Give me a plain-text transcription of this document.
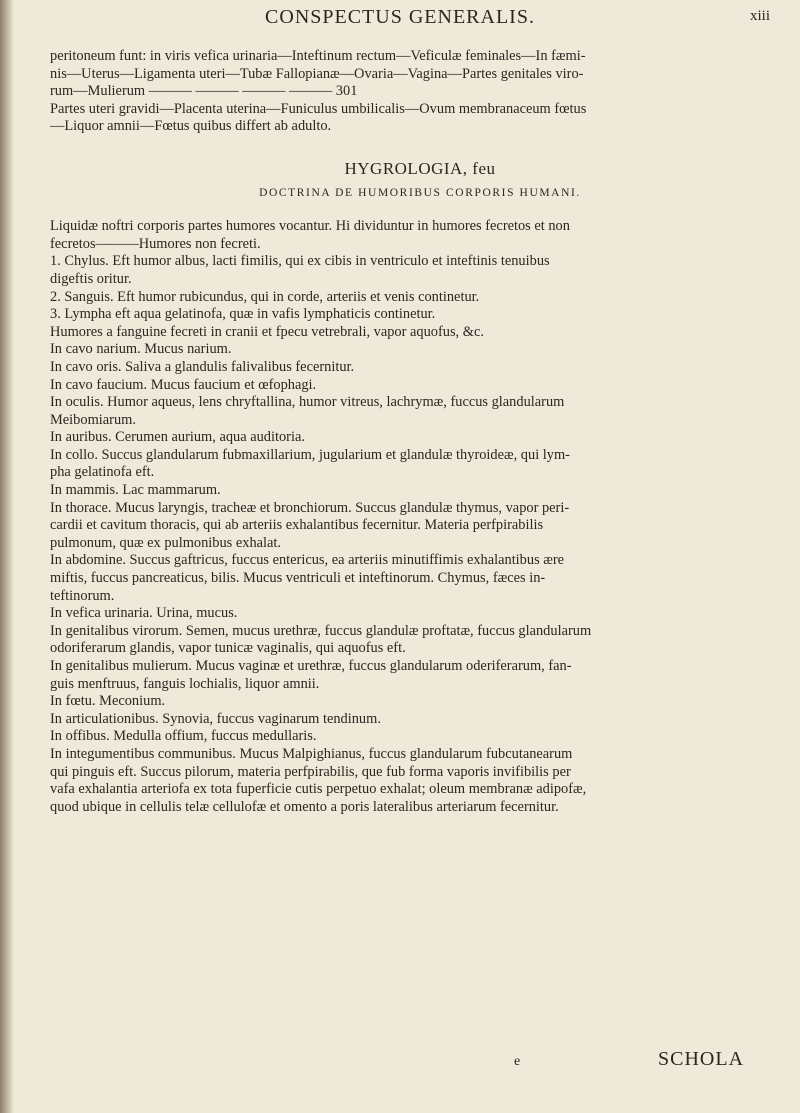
CONSPECTUS GENERALIS.	xiii

peritoneum funt: in viris vefica urinaria—Inteftinum rectum—Veficulæ feminales—In fæmi-

nis—Uterus—Ligamenta uteri—Tubæ Fallopianæ—Ovaria—Vagina—Partes genitales viro-

rum—Mulierum ——— ——— ——— ——— 301

Partes uteri gravidi—Placenta uterina—Funiculus umbilicalis—Ovum membranaceum fœtus

—Liquor amnii—Fœtus quibus differt ab adulto.

HYGROLOGIA, feu
DOCTRINA DE HUMORIBUS CORPORIS HUMANI.

Liquidæ noftri corporis partes humores vocantur. Hi dividuntur in humores fecretos et non

fecretos———Humores non fecreti.

1. Chylus. Eft humor albus, lacti fimilis, qui ex cibis in ventriculo et inteftinis tenuibus

digeftis oritur.

2. Sanguis. Eft humor rubicundus, qui in corde, arteriis et venis continetur.

3. Lympha eft aqua gelatinofa, quæ in vafis lymphaticis continetur.

Humores a fanguine fecreti in cranii et fpecu vetrebrali, vapor aquofus, &c.

In cavo narium. Mucus narium.

In cavo oris. Saliva a glandulis falivalibus fecernitur.

In cavo faucium. Mucus faucium et œfophagi.

In oculis. Humor aqueus, lens chryftallina, humor vitreus, lachrymæ, fuccus glandularum

Meibomiarum.

In auribus. Cerumen aurium, aqua auditoria.

In collo. Succus glandularum fubmaxillarium, jugularium et glandulæ thyroideæ, qui lym-

pha gelatinofa eft.

In mammis. Lac mammarum.

In thorace. Mucus laryngis, tracheæ et bronchiorum. Succus glandulæ thymus, vapor peri-

cardii et cavitum thoracis, qui ab arteriis exhalantibus fecernitur. Materia perfpirabilis

pulmonum, quæ ex pulmonibus exhalat.

In abdomine. Succus gaftricus, fuccus entericus, ea arteriis minutiffimis exhalantibus ære

miftis, fuccus pancreaticus, bilis. Mucus ventriculi et inteftinorum. Chymus, fæces in-

teftinorum.

In vefica urinaria. Urina, mucus.

In genitalibus virorum. Semen, mucus urethræ, fuccus glandulæ proftatæ, fuccus glandularum

odoriferarum glandis, vapor tunicæ vaginalis, qui aquofus eft.

In genitalibus mulierum. Mucus vaginæ et urethræ, fuccus glandularum oderiferarum, fan-

guis menftruus, fanguis lochialis, liquor amnii.

In fœtu. Meconium.

In articulationibus. Synovia, fuccus vaginarum tendinum.

In offibus. Medulla offium, fuccus medullaris.

In integumentibus communibus. Mucus Malpighianus, fuccus glandularum fubcutanearum

qui pinguis eft. Succus pilorum, materia perfpirabilis, que fub forma vaporis invifibilis per

vafa exhalantia arteriofa ex tota fuperficie cutis perpetuo exhalat; oleum membranæ adipofæ,

quod ubique in cellulis telæ cellulofæ et omento a poris lateralibus arteriarum fecernitur.

e	SCHOLA
